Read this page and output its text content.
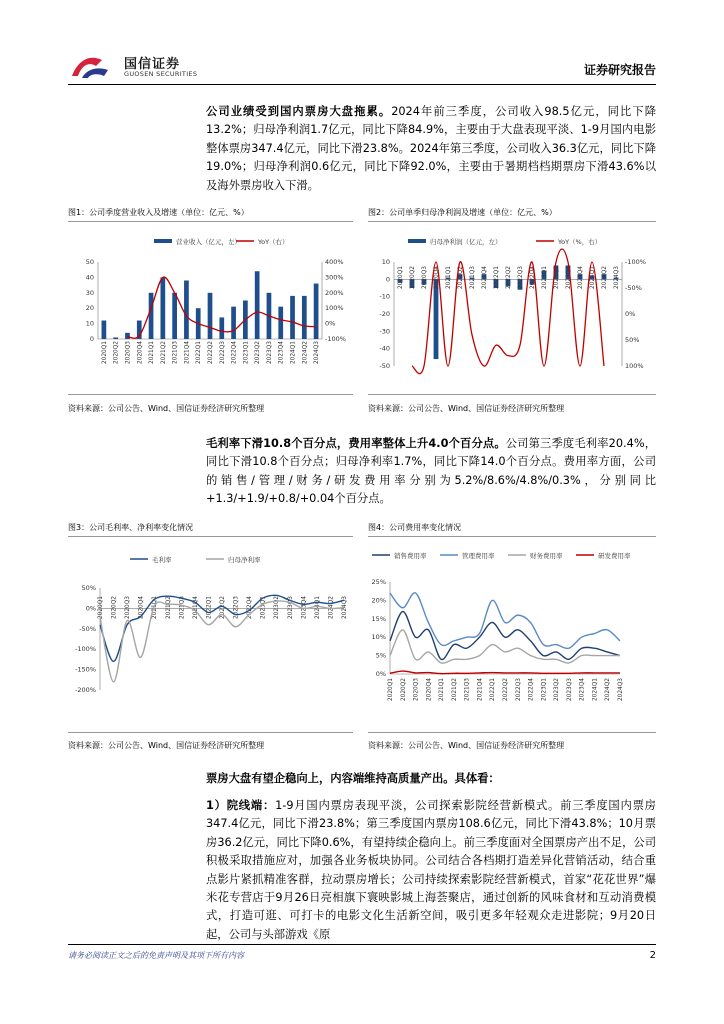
国信证券
GUOSEN SECURITIES	证券研究报告
公司业绩受到国内票房大盘拖累。2024年前三季度，公司收入98.5亿元，同比下降13.2%；归母净利润1.7亿元，同比下降84.9%，主要由于大盘表现平淡、1-9月国内电影整体票房347.4亿元，同比下滑23.8%。2024年第三季度，公司收入36.3亿元，同比下降19.0%；归母净利润0.6亿元，同比下降92.0%，主要由于暑期档档期票房下滑43.6%以及海外票房收入下滑。
图1：公司季度营业收入及增速（单位：亿元、%）
营业收入（亿元，左）	YoY（右）
0
10
20
30
40
50
-100%
0%
100%
200%
300%
400%
2020Q1 2020Q2 2020Q3 2020Q4 2021Q1 2021Q2 2021Q3 2021Q4 2022Q1 2022Q2 2022Q3 2022Q4 2023Q1 2023Q2 2023Q3 2023Q4 2024Q1 2024Q2 2024Q3
资料来源：公司公告、Wind、国信证券经济研究所整理
图2：公司单季归母净利润及增速（单位：亿元、%）
归母净利润（亿元，左）	YoY（%，右）
10
0
-10
-20
-30
-40
-50	100%
50%
0%
-50%
-100%
2020Q1 2020Q2 2020Q3 2020Q4 2021Q1 2021Q2 2021Q3 2021Q4 2022Q1 2022Q2 2022Q3 2022Q4 2023Q1 2023Q2 2023Q3 2023Q4 2024Q1 2024Q2 2024Q3
资料来源：公司公告、Wind、国信证券经济研究所整理
毛利率下滑10.8个百分点，费用率整体上升4.0个百分点。公司第三季度毛利率20.4%，同比下滑10.8个百分点；归母净利率1.7%，同比下降14.0个百分点。费用率方面，公司的销售/管理/财务/研发费用率分别为5.2%/8.6%/4.8%/0.3%，分别同比+1.3/+1.9/+0.8/+0.04个百分点。
图3：公司毛利率、净利率变化情况
毛利率	归母净利率
50%
0%
-50%
-100%
-150%
-200%
2020Q1 2020Q2 2020Q3 2020Q4 2021Q1 2021Q2 2021Q3 2021Q4 2022Q1 2022Q2 2022Q3 2022Q4 2023Q1 2023Q2 2023Q3 2023Q4 2024Q1 2024Q2 2024Q3
资料来源：公司公告、Wind、国信证券经济研究所整理
图4：公司费用率变化情况
销售费用率	管理费用率	财务费用率	研发费用率
25%
20%
15%
10%
5%
0%
2020Q1 2020Q2 2020Q3 2020Q4 2021Q1 2021Q2 2021Q3 2021Q4 2022Q1 2022Q2 2022Q3 2022Q4 2023Q1 2023Q2 2023Q3 2023Q4 2024Q1 2024Q2 2024Q3
资料来源：公司公告、Wind、国信证券经济研究所整理
票房大盘有望企稳向上，内容端维持高质量产出。具体看：
1）院线端：1-9月国内票房表现平淡，公司探索影院经营新模式。前三季度国内票房347.4亿元，同比下滑23.8%；第三季度国内票房108.6亿元，同比下滑43.8%；10月票房36.2亿元，同比下降0.6%，有望持续企稳向上。前三季度面对全国票房产出不足，公司积极采取措施应对，加强各业务板块协同。公司结合各档期打造差异化营销活动，结合重点影片紧抓精准客群，拉动票房增长；公司持续探索影院经营新模式，首家“花花世界”爆米花专营店于9月26日亮相旗下寰映影城上海荟聚店，通过创新的风味食材和互动消费模式，打造可逛、可打卡的电影文化生活新空间，吸引更多年轻观众走进影院；9月20日起，公司与头部游戏《原
请务必阅读正文之后的免责声明及其项下所有内容	2
